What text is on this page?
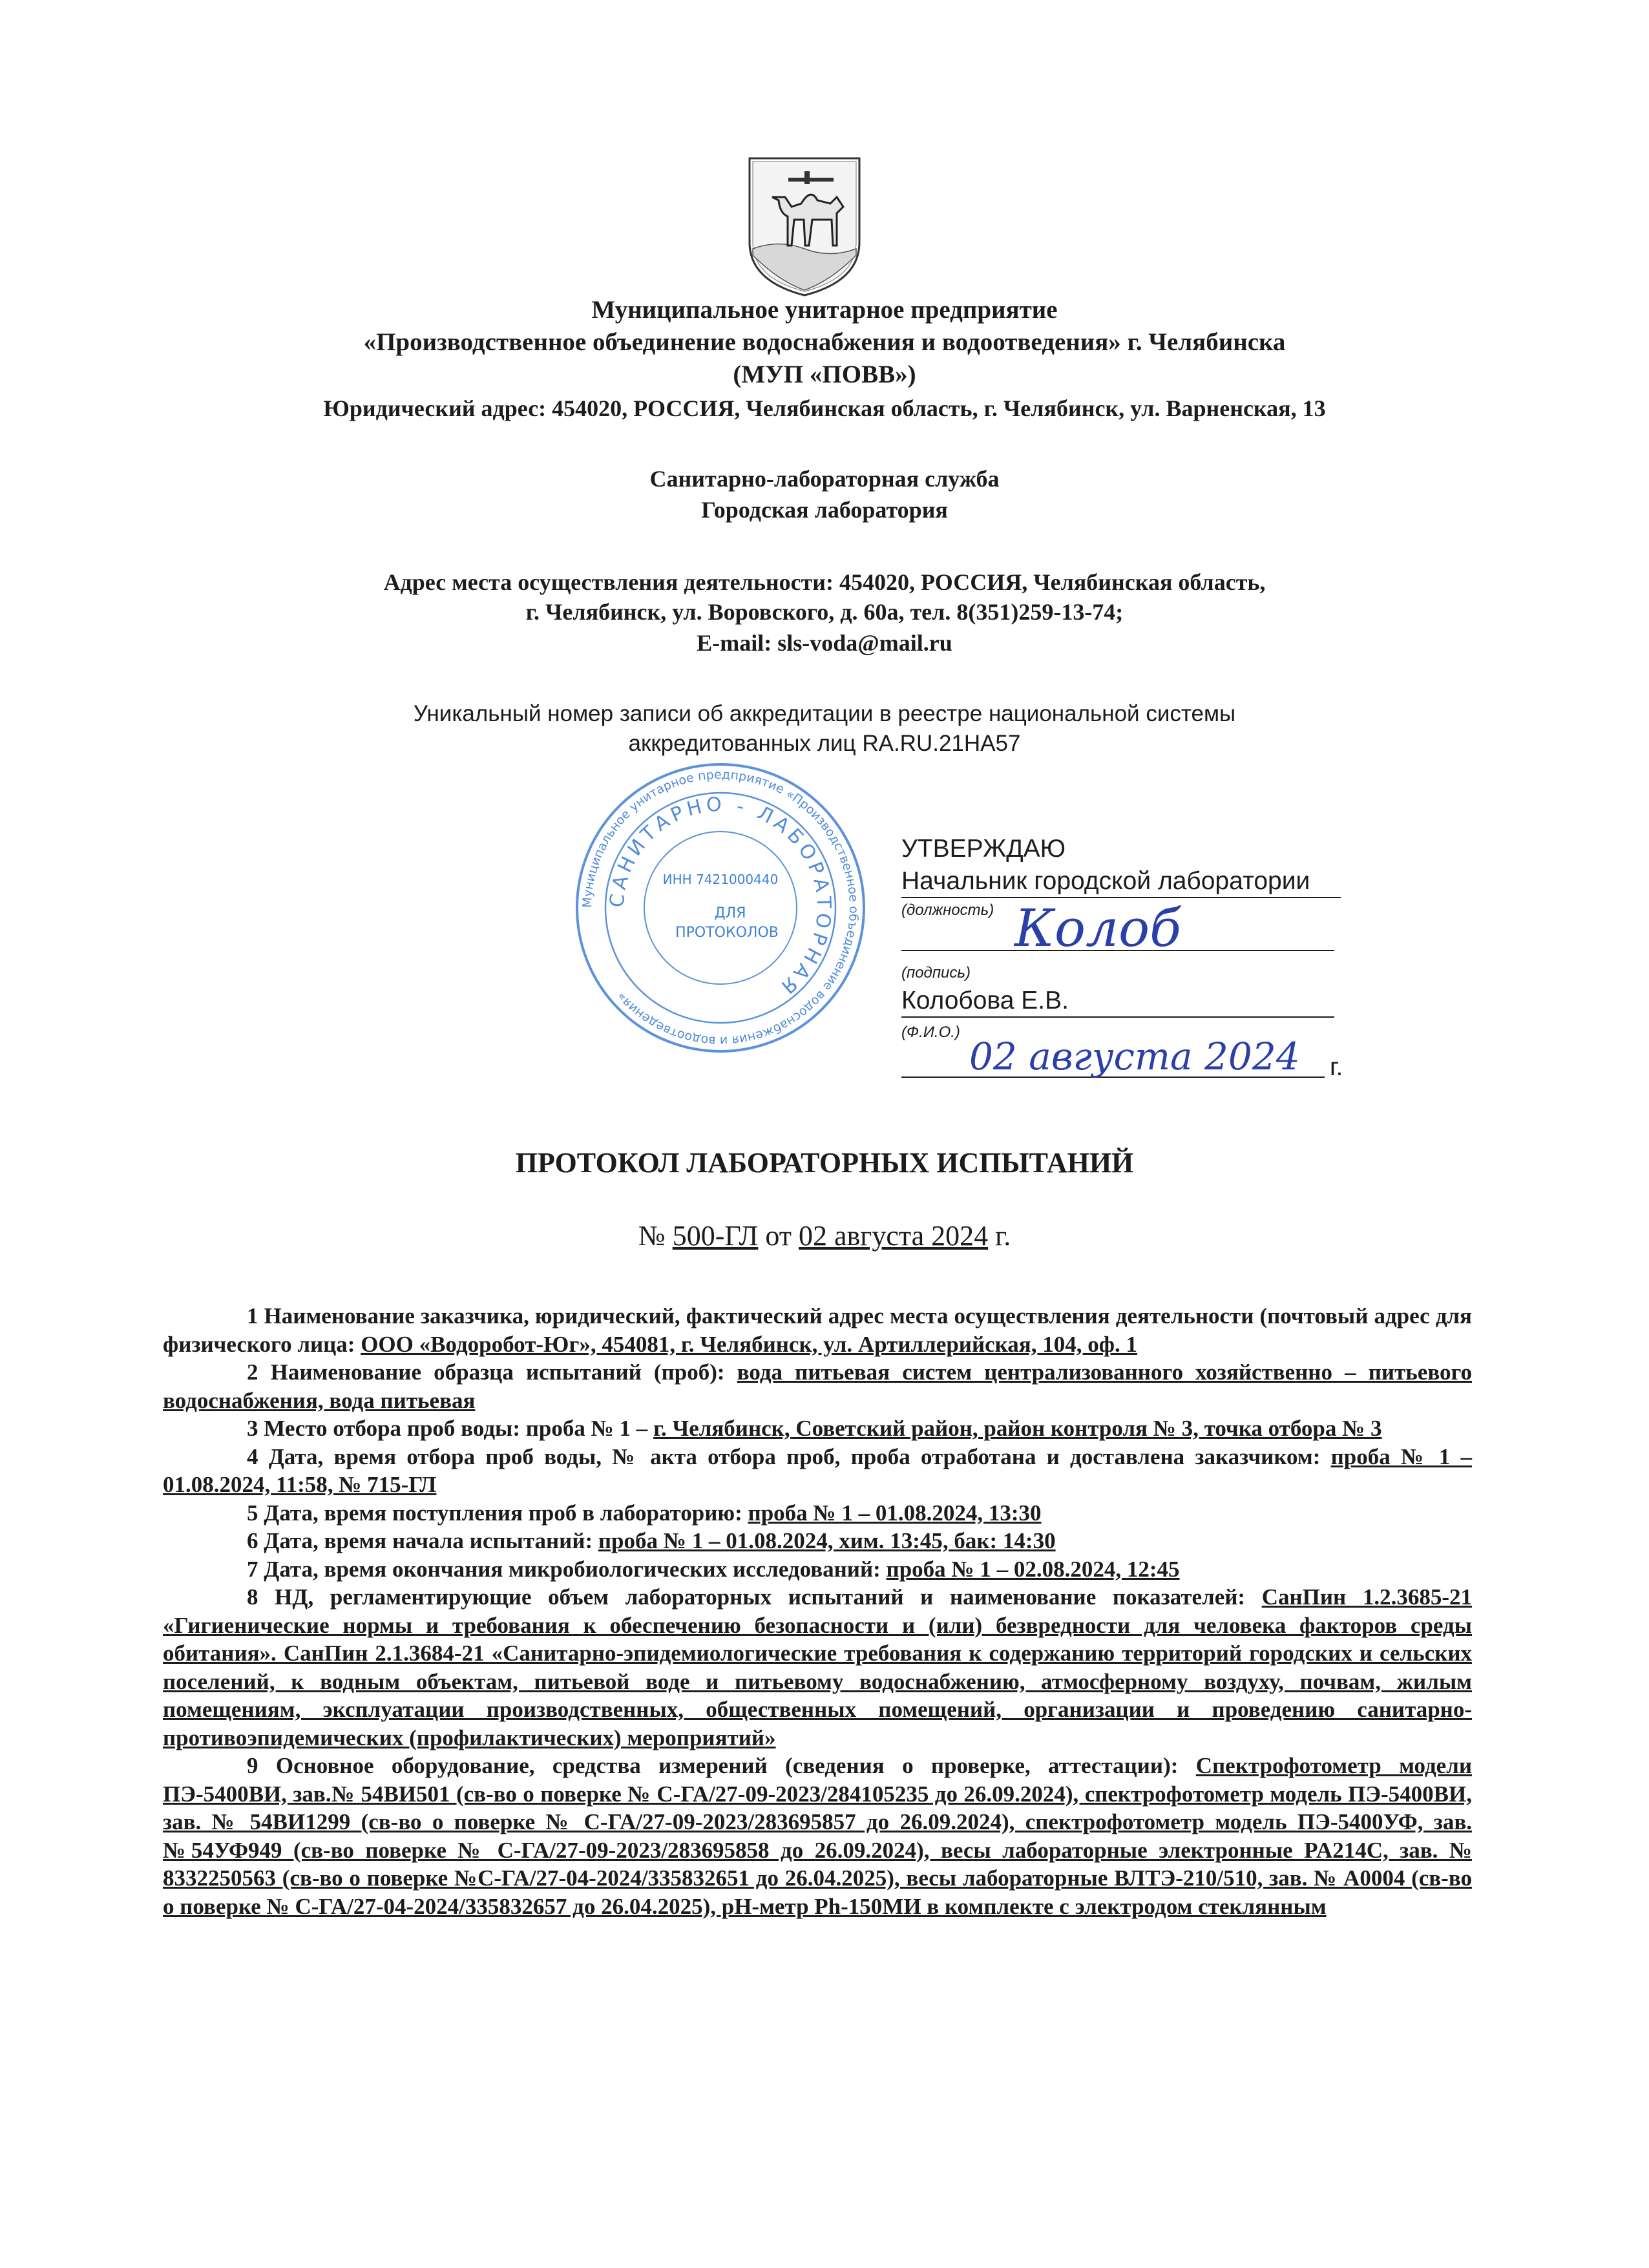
Муниципальное унитарное предприятие
«Производственное объединение водоснабжения и водоотведения» г. Челябинска
(МУП «ПОВВ»)
Юридический адрес: 454020, РОССИЯ, Челябинская область, г. Челябинск, ул. Варненская, 13
Санитарно-лабораторная служба
Городская лаборатория
Адрес места осуществления деятельности: 454020, РОССИЯ, Челябинская область,
г. Челябинск, ул. Воровского, д. 60а, тел. 8(351)259-13-74;
E-mail: sls-voda@mail.ru
Уникальный номер записи об аккредитации в реестре национальной системы
аккредитованных лиц RA.RU.21HA57
Муниципальное унитарное предприятие «Производственное объединение водоснабжения и водоотведения»
САНИТАРНО - ЛАБОРАТОРНАЯ
ИНН 7421000440
ДЛЯ
ПРОТОКОЛОВ
УТВЕРЖДАЮ
Начальник городской лаборатории
(должность) Колоб
(подпись)
Колобова Е.В.
(Ф.И.О.)
02 августа 2024 г.
ПРОТОКОЛ ЛАБОРАТОРНЫХ ИСПЫТАНИЙ
№ 500-ГЛ от 02 августа 2024 г.

1 Наименование заказчика, юридический, фактический адрес места осуществления деятельности (почтовый адрес для физического лица: ООО «Водоробот-Юг», 454081, г. Челябинск, ул. Артиллерийская, 104, оф. 1

2 Наименование образца испытаний (проб): вода питьевая систем централизованного хозяйственно – питьевого водоснабжения, вода питьевая

3 Место отбора проб воды: проба № 1 – г. Челябинск, Советский район, район контроля № 3, точка отбора № 3

4 Дата, время отбора проб воды, № акта отбора проб, проба отработана и доставлена заказчиком: проба № 1 –01.08.2024, 11:58, № 715-ГЛ

5 Дата, время поступления проб в лабораторию: проба № 1 – 01.08.2024, 13:30

6 Дата, время начала испытаний: проба № 1 – 01.08.2024, хим. 13:45, бак: 14:30

7 Дата, время окончания микробиологических исследований: проба № 1 – 02.08.2024, 12:45

8 НД, регламентирующие объем лабораторных испытаний и наименование показателей: СанПин 1.2.3685-21 «Гигиенические нормы и требования к обеспечению безопасности и (или) безвредности для человека факторов среды обитания». СанПин 2.1.3684-21 «Санитарно-эпидемиологические требования к содержанию территорий городских и сельских поселений, к водным объектам, питьевой воде и питьевому водоснабжению, атмосферному воздуху, почвам, жилым помещениям, эксплуатации производственных, общественных помещений, организации и проведению санитарно-противоэпидемических (профилактических) мероприятий»

9 Основное оборудование, средства измерений (сведения о проверке, аттестации): Спектрофотометр модели ПЭ-5400ВИ, зав.№ 54ВИ501 (св-во о поверке № С-ГА/27-09-2023/284105235 до 26.09.2024), спектрофотометр модель ПЭ-5400ВИ, зав. № 54ВИ1299 (св-во о поверке № С-ГА/27-09-2023/283695857 до 26.09.2024), спектрофотометр модель ПЭ-5400УФ, зав. №54УФ949 (св-во поверке № С-ГА/27-09-2023/283695858 до 26.09.2024), весы лабораторные электронные PA214C, зав. № 8332250563 (св-во о поверке №С-ГА/27-04-2024/335832651 до 26.04.2025), весы лабораторные ВЛТЭ-210/510, зав. № А0004 (св-во о поверке № С-ГА/27-04-2024/335832657 до 26.04.2025), pH-метр Ph-150МИ в комплекте с электродом стеклянным
